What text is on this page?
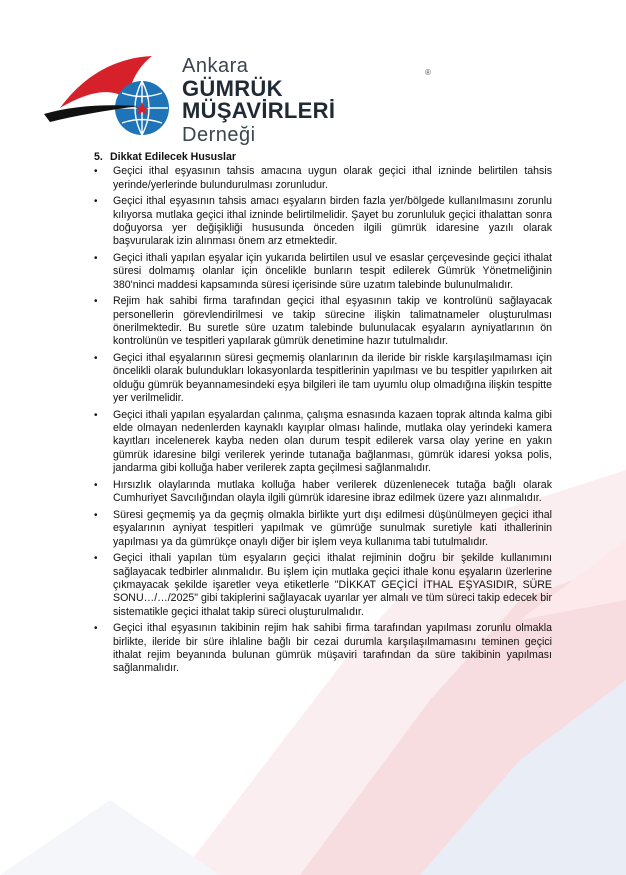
Ankara
GÜMRÜK MÜŞAVİRLERİ
Derneği
®
5. Dikkat Edilecek Hususlar
• Geçici ithal eşyasının tahsis amacına uygun olarak geçici ithal izninde belirtilen tahsis yerinde/yerlerinde bulundurulması zorunludur.
• Geçici ithal eşyasının tahsis amacı eşyaların birden fazla yer/bölgede kullanılmasını zorunlu kılıyorsa mutlaka geçici ithal izninde belirtilmelidir. Şayet bu zorunluluk geçici ithalattan sonra doğuyorsa yer değişikliği hususunda önceden ilgili gümrük idaresine yazılı olarak başvurularak izin alınması önem arz etmektedir.
• Geçici ithali yapılan eşyalar için yukarıda belirtilen usul ve esaslar çerçevesinde geçici ithalat süresi dolmamış olanlar için öncelikle bunların tespit edilerek Gümrük Yönetmeliğinin 380'ninci maddesi kapsamında süresi içerisinde süre uzatım talebinde bulunulmalıdır.
• Rejim hak sahibi firma tarafından geçici ithal eşyasının takip ve kontrolünü sağlayacak personellerin görevlendirilmesi ve takip sürecine ilişkin talimatnameler oluşturulması önerilmektedir. Bu suretle süre uzatım talebinde bulunulacak eşyaların ayniyatlarının ön kontrolünün ve tespitleri yapılarak gümrük denetimine hazır tutulmalıdır.
• Geçici ithal eşyalarının süresi geçmemiş olanlarının da ileride bir riskle karşılaşılmaması için öncelikli olarak bulundukları lokasyonlarda tespitlerinin yapılması ve bu tespitler yapılırken ait olduğu gümrük beyannamesindeki eşya bilgileri ile tam uyumlu olup olmadığına ilişkin tespitte yer verilmelidir.
• Geçici ithali yapılan eşyalardan çalınma, çalışma esnasında kazaen toprak altında kalma gibi elde olmayan nedenlerden kaynaklı kayıplar olması halinde, mutlaka olay yerindeki kamera kayıtları incelenerek kayba neden olan durum tespit edilerek varsa olay yerine en yakın gümrük idaresine bilgi verilerek yerinde tutanağa bağlanması, gümrük idaresi yoksa polis, jandarma gibi kolluğa haber verilerek zapta geçilmesi sağlanmalıdır.
• Hırsızlık olaylarında mutlaka kolluğa haber verilerek düzenlenecek tutağa bağlı olarak Cumhuriyet Savcılığından olayla ilgili gümrük idaresine ibraz edilmek üzere yazı alınmalıdır.
• Süresi geçmemiş ya da geçmiş olmakla birlikte yurt dışı edilmesi düşünülmeyen geçici ithal eşyalarının ayniyat tespitleri yapılmak ve gümrüğe sunulmak suretiyle kati ithallerinin yapılması ya da gümrükçe onaylı diğer bir işlem veya kullanıma tabi tutulmalıdır.
• Geçici ithali yapılan tüm eşyaların geçici ithalat rejiminin doğru bir şekilde kullanımını sağlayacak tedbirler alınmalıdır. Bu işlem için mutlaka geçici ithale konu eşyaların üzerlerine çıkmayacak şekilde işaretler veya etiketlerle "DİKKAT GEÇİCİ İTHAL EŞYASIDIR, SÜRE SONU…/…/2025" gibi takiplerini sağlayacak uyarılar yer almalı ve tüm süreci takip edecek bir sistematikle geçici ithalat takip süreci oluşturulmalıdır.
• Geçici ithal eşyasının takibinin rejim hak sahibi firma tarafından yapılması zorunlu olmakla birlikte, ileride bir süre ihlaline bağlı bir cezai durumla karşılaşılmamasını teminen geçici ithalat rejim beyanında bulunan gümrük müşaviri tarafından da süre takibinin yapılması sağlanmalıdır.
